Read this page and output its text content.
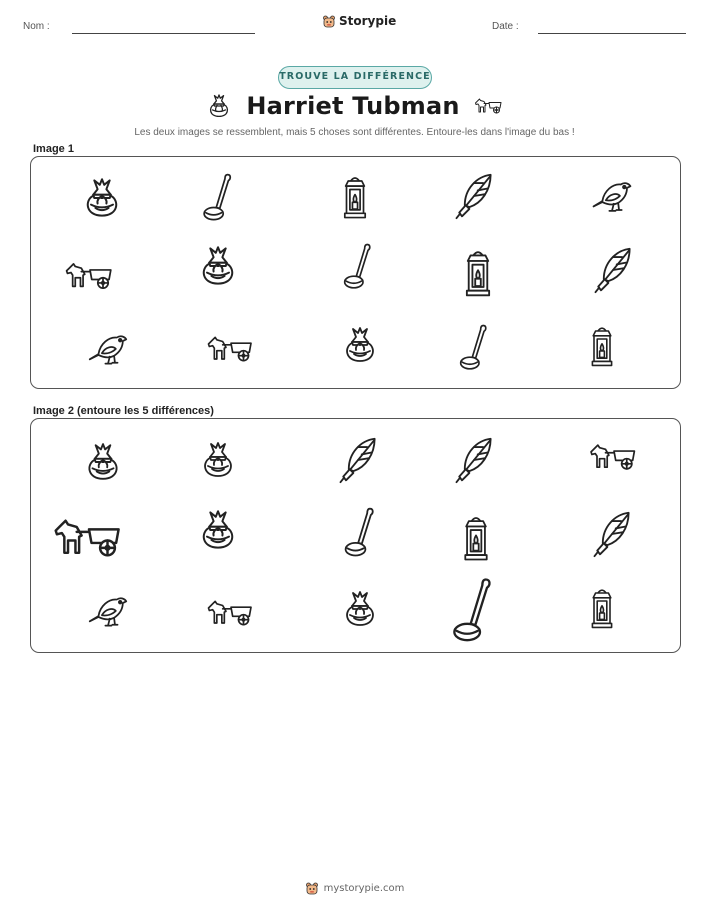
Nom :	Storypie	Date :
TROUVE LA DIFFÉRENCE
Harriet Tubman
Les deux images se ressemblent, mais 5 choses sont différentes. Entoure-les dans l'image du bas !
Image 1
Image 2 (entoure les 5 différences)
mystorypie.com
